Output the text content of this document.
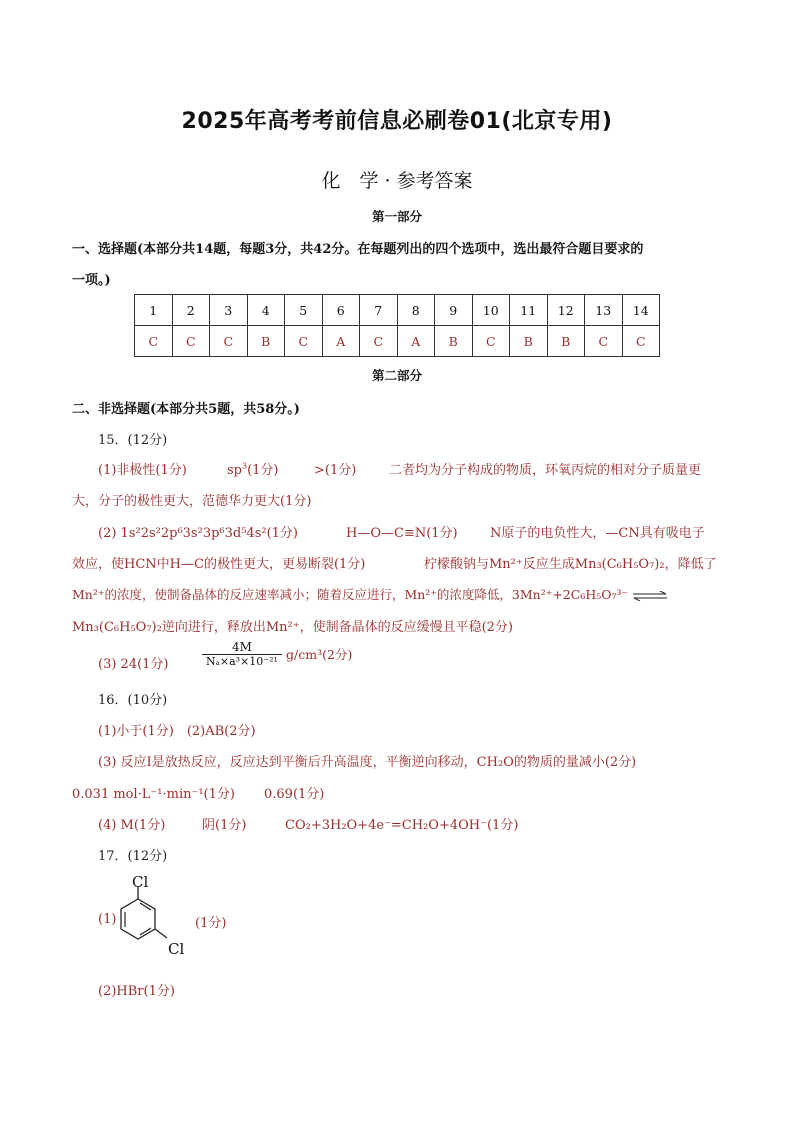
2025年高考考前信息必刷卷01(北京专用)
化　学 · 参考答案
第一部分
一、选择题(本部分共14题，每题3分，共42分。在每题列出的四个选项中，选出最符合题目要求的
一项。)
1	2	3	4	5	6	7	8	9	10	11	12	13	14
C	C	C	B	C	A	C	A	B	C	B	B	C	C
第二部分
二、非选择题(本部分共5题，共58分。)
15．(12分)
(1)非极性(1分)	$sp^3(1$分)	>(1分)	二者均为分子构成的物质，环氧丙烷的相对分子质量更
大，分子的极性更大，范德华力更大(1分)
(2) 1s²2s²2p⁶3s²3p⁶3d⁵4s²(1分)	H—O—C≡N(1分) N原子的电负性大，—CN具有吸电子
效应，使HCN中H—C的极性更大，更易断裂(1分)	柠檬酸钠与Mn²⁺反应生成Mn₃(C₆H₅O₇)₂，降低了
Mn²⁺的浓度，使制备晶体的反应速率减小；随着反应进行，Mn²⁺的浓度降低，3Mn²⁺+2C₆H₅O₇³⁻ ⇌
Mn₃(C₆H₅O₇)₂逆向进行，释放出Mn²⁺，使制备晶体的反应缓慢且平稳(2分)
(3) 24(1分)	$\frac{4M}{\text{Nₐ×a³×10⁻²¹}} g/cm^3(2$分)
16．(10分)
(1)小于(1分)　(2)AB(2分)
(3) 反应I是放热反应，反应达到平衡后升高温度，平衡逆向移动，CH₂O的物质的量减小(2分)
0.031 mol·L⁻¹·min⁻¹(1分) 0.69(1分)
(4) M(1分)	阴(1分)	CO₂+3H₂O+4e⁻=CH₂O+4OH⁻(1分)
17．(12分)
(1)
Cl
Cl
(1分)
(2)HBr(1分)
